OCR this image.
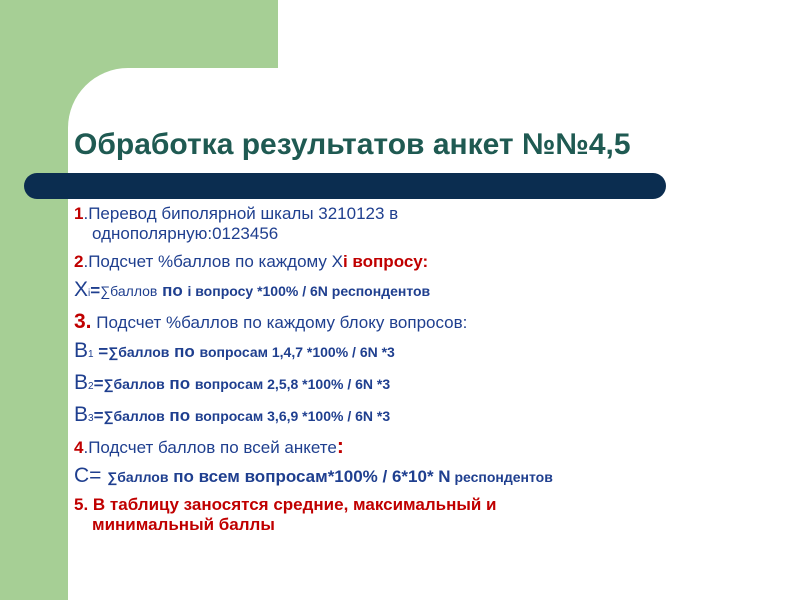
Обработка результатов анкет №№4,5
1.Перевод биполярной шкалы 3210123 в
однополярную:0123456
2.Подсчет %баллов по каждому Xi вопросу:
Xi=∑баллов по i вопросу *100% / 6N респондентов
3. Подсчет %баллов по каждому блоку вопросов:
B1 =∑баллов по вопросам 1,4,7 *100% / 6N *3
B2=∑баллов по вопросам 2,5,8 *100% / 6N *3
B3=∑баллов по вопросам 3,6,9 *100% / 6N *3
4.Подсчет баллов по всей анкете:
C= ∑баллов по всем вопросам*100% / 6*10* N респондентов
5. В таблицу заносятся средние, максимальный и
минимальный баллы
